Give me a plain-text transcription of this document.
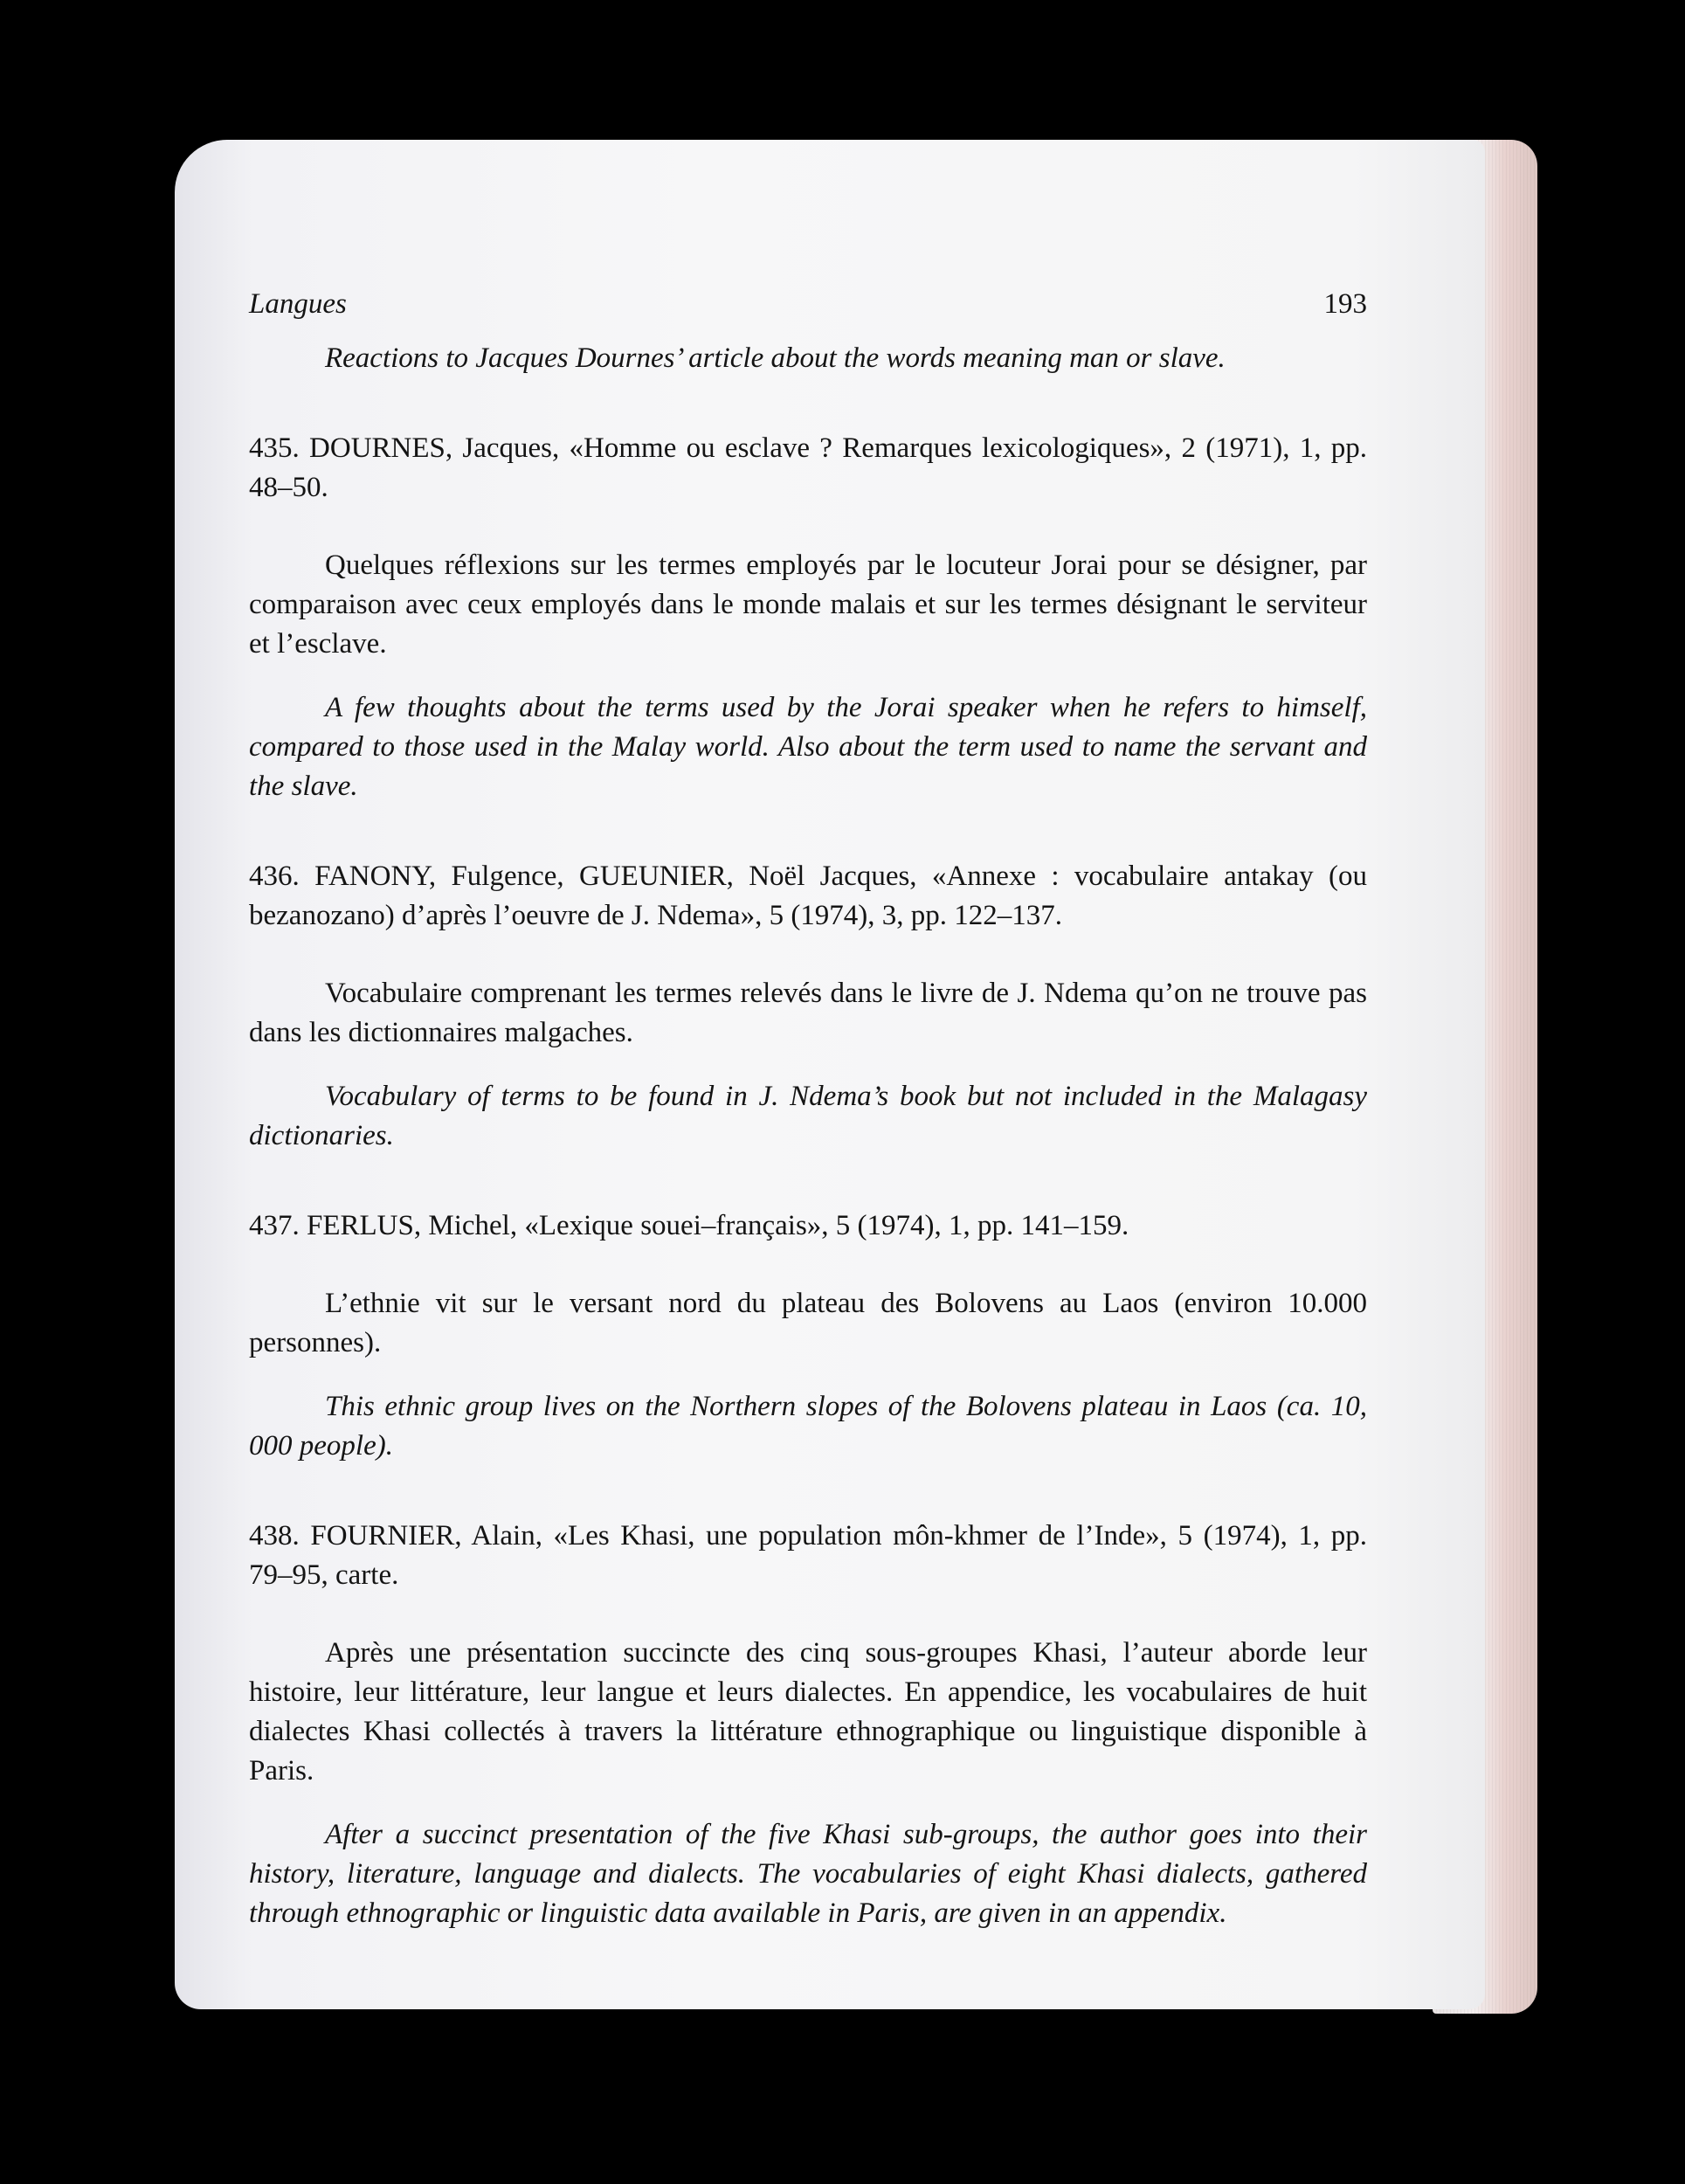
Langues	193

Reactions to Jacques Dournes’ article about the words meaning man or slave.

435. DOURNES, Jacques, «Homme ou esclave ? Remarques lexicologiques», 2 (1971), 1, pp. 48–50.

Quelques réflexions sur les termes employés par le locuteur Jorai pour se désigner, par comparaison avec ceux employés dans le monde malais et sur les termes désignant le serviteur et l’esclave.

A few thoughts about the terms used by the Jorai speaker when he refers to himself, compared to those used in the Malay world. Also about the term used to name the servant and the slave.

436. FANONY, Fulgence, GUEUNIER, Noël Jacques, «Annexe : vocabulaire antakay (ou bezanozano) d’après l’oeuvre de J. Ndema», 5 (1974), 3, pp. 122–137.

Vocabulaire comprenant les termes relevés dans le livre de J. Ndema qu’on ne trouve pas dans les dictionnaires malgaches.

Vocabulary of terms to be found in J. Ndema’s book but not included in the Malagasy dictionaries.

437. FERLUS, Michel, «Lexique souei–français», 5 (1974), 1, pp. 141–159.

L’ethnie vit sur le versant nord du plateau des Bolovens au Laos (environ 10.000 personnes).

This ethnic group lives on the Northern slopes of the Bolovens plateau in Laos (ca. 10, 000 people).

438. FOURNIER, Alain, «Les Khasi, une population môn-khmer de l’Inde», 5 (1974), 1, pp. 79–95, carte.

Après une présentation succincte des cinq sous-groupes Khasi, l’auteur aborde leur histoire, leur littérature, leur langue et leurs dialectes. En appendice, les vocabulaires de huit dialectes Khasi collectés à travers la littérature ethnographique ou linguistique disponible à Paris.

After a succinct presentation of the five Khasi sub-groups, the author goes into their history, literature, language and dialects. The vocabularies of eight Khasi dialects, gathered through ethnographic or linguistic data available in Paris, are given in an appendix.
